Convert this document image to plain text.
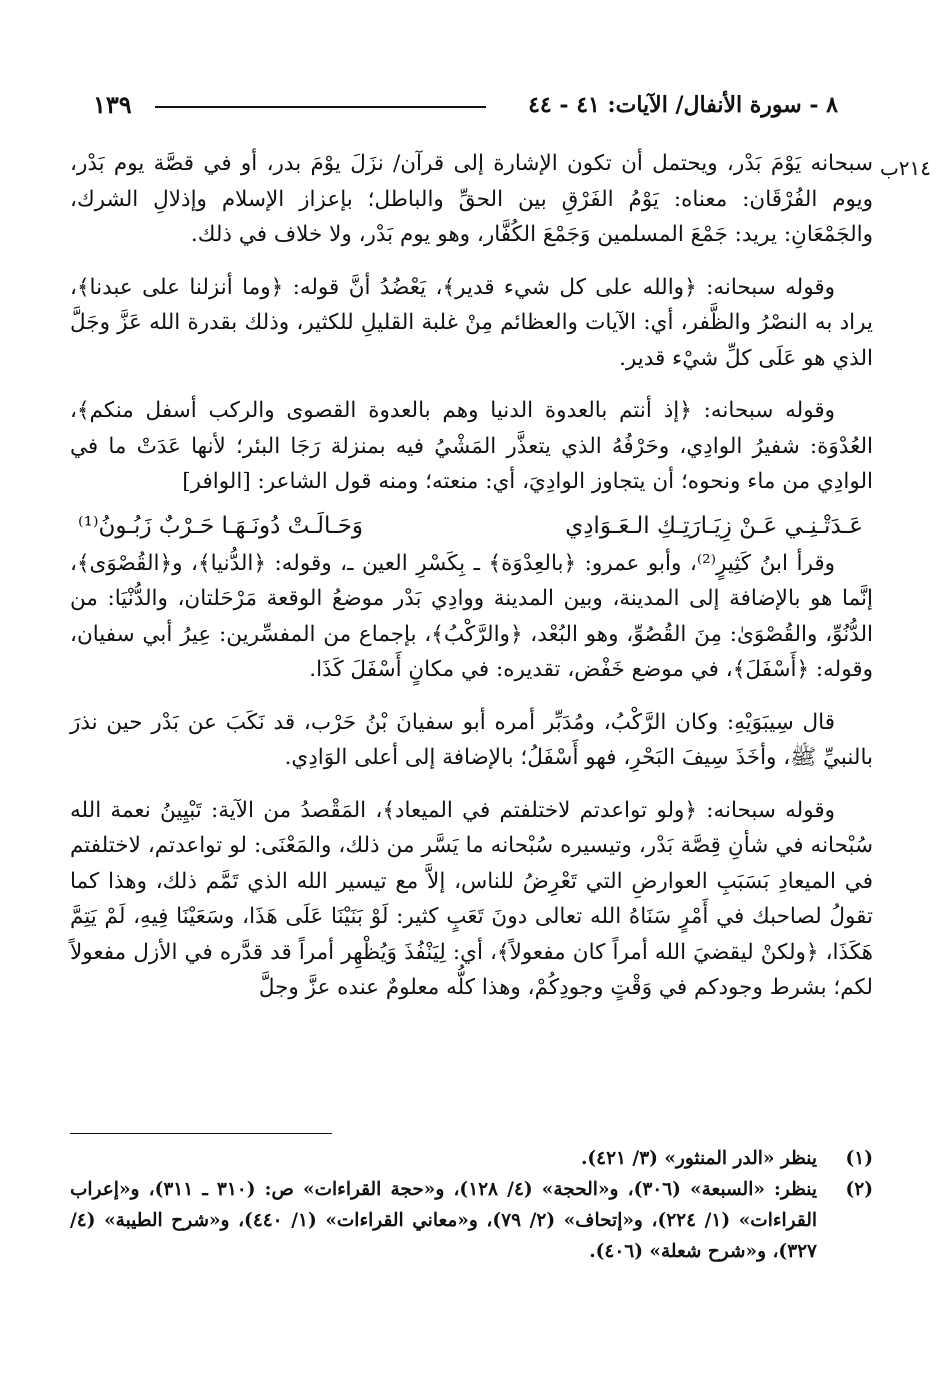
٨ - سورة الأنفال/ الآيات: ٤١ - ٤٤
١٣٩
٢١٤ب

سبحانه يَوْمَ بَدْر، ويحتمل أن تكون الإشارة إلى قرآن/ نزَلَ يوْمَ بدر، أو في قصَّة يوم بَدْر، ويوم الفُرْقَان: معناه: يَوْمُ الفَرْقِ بين الحقِّ والباطل؛ بإعزاز الإسلام وإذلالِ الشرك، والجَمْعَانِ: يريد: جَمْعَ المسلمين وَجَمْعَ الكُفَّار، وهو يوم بَدْر، ولا خلاف في ذلك.

وقوله سبحانه: ﴿والله على كل شيء قدير﴾، يَعْضُدُ أنَّ قوله: ﴿وما أنزلنا على عبدنا﴾، يراد به النصْرُ والظَّفر، أي: الآيات والعظائم مِنْ غلبة القليلِ للكثير، وذلك بقدرة الله عَزَّ وجَلَّ الذي هو عَلَى كلِّ شيْء قدير.

وقوله سبحانه: ﴿إذ أنتم بالعدوة الدنيا وهم بالعدوة القصوى والركب أسفل منكم﴾، العُدْوَة: شفيرُ الوادِي، وحَرْفُهُ الذي يتعذَّر المَشْيُ فيه بمنزلة رَجَا البئر؛ لأنها عَدَتْ ما في الوادِي من ماء ونحوه؛ أن يتجاوز الوادِيَ، أي: منعته؛ ومنه قول الشاعر: [الوافر]

عَـدَتْـنِـي عَـنْ زِيَـارَتِـكِ الـعَـوَادِي
وَحَـالَـتْ دُونَـهَـا حَـرْبٌ زَبُـونُ⁽¹⁾

وقرأ ابنُ كَثِيرٍ⁽²⁾، وأبو عمرو: ﴿بالعِدْوَة﴾ ـ بِكَسْرِ العين ـ، وقوله: ﴿الدُّنيا﴾، و﴿القُصْوَى﴾، إنَّما هو بالإضافة إلى المدينة، وبين المدينة ووادِي بَدْر موضعُ الوقعة مَرْحَلتان، والدُّنْيَا: من الدُّنُوِّ، والقُصْوَىٰ: مِنَ القُصُوِّ، وهو البُعْد، ﴿والرَّكْبُ﴾، بإجماع من المفسِّرين: عِيرُ أبي سفيان، وقوله: ﴿أَسْفَلَ﴾، في موضع خَفْض، تقديره: في مكانٍ أَسْفَلَ كَذَا.

قال سِيبَوَيْهِ: وكان الرَّكْبُ، ومُدَبِّر أمره أبو سفيانَ بْنُ حَرْب، قد نَكَبَ عن بَدْر حين نذرَ بالنبيِّ ﷺ، وأخَذَ سِيفَ البَحْرِ، فهو أَسْفَلُ؛ بالإضافة إلى أعلى الوَادِي.

وقوله سبحانه: ﴿ولو تواعدتم لاختلفتم في الميعاد﴾، المَقْصدُ من الآية: تَبْيِينُ نعمة الله سُبْحانه في شأنِ قِصَّة بَدْر، وتيسيره سُبْحانه ما يَسَّر من ذلك، والمَعْنَى: لو تواعدتم، لاختلفتم في الميعادِ بَسَبَبِ العوارضِ التي تَعْرِضُ للناس، إلاَّ مع تيسير الله الذي تَمَّم ذلك، وهذا كما تقولُ لصاحبك في أَمْرٍ سَنَاهُ الله تعالى دونَ تَعَبٍ كثير: لَوْ بَنَيْنَا عَلَى هَذَا، وسَعَيْنَا فِيهِ، لَمْ يَتِمَّ هَكَذَا، ﴿ولكنْ ليقضيَ الله أمراً كان مفعولاً﴾، أي: لِيَنْفُذَ وَيُظْهِر أمراً قد قدَّره في الأزل مفعولاً لكم؛ بشرط وجودكم في وَقْتٍ وجودِكُمْ، وهذا كلُّه معلومٌ عنده عزَّ وجلَّ

(١)
ينظر «الدر المنثور» (٣/ ٤٢١).
(٢)
ينظر: «السبعة» (٣٠٦)، و«الحجة» (٤/ ١٢٨)، و«حجة القراءات» ص: (٣١٠ ـ ٣١١)، و«إعراب القراءات» (١/ ٢٢٤)، و«إتحاف» (٢/ ٧٩)، و«معاني القراءات» (١/ ٤٤٠)، و«شرح الطيبة» (٤/ ٣٢٧)، و«شرح شعلة» (٤٠٦).
